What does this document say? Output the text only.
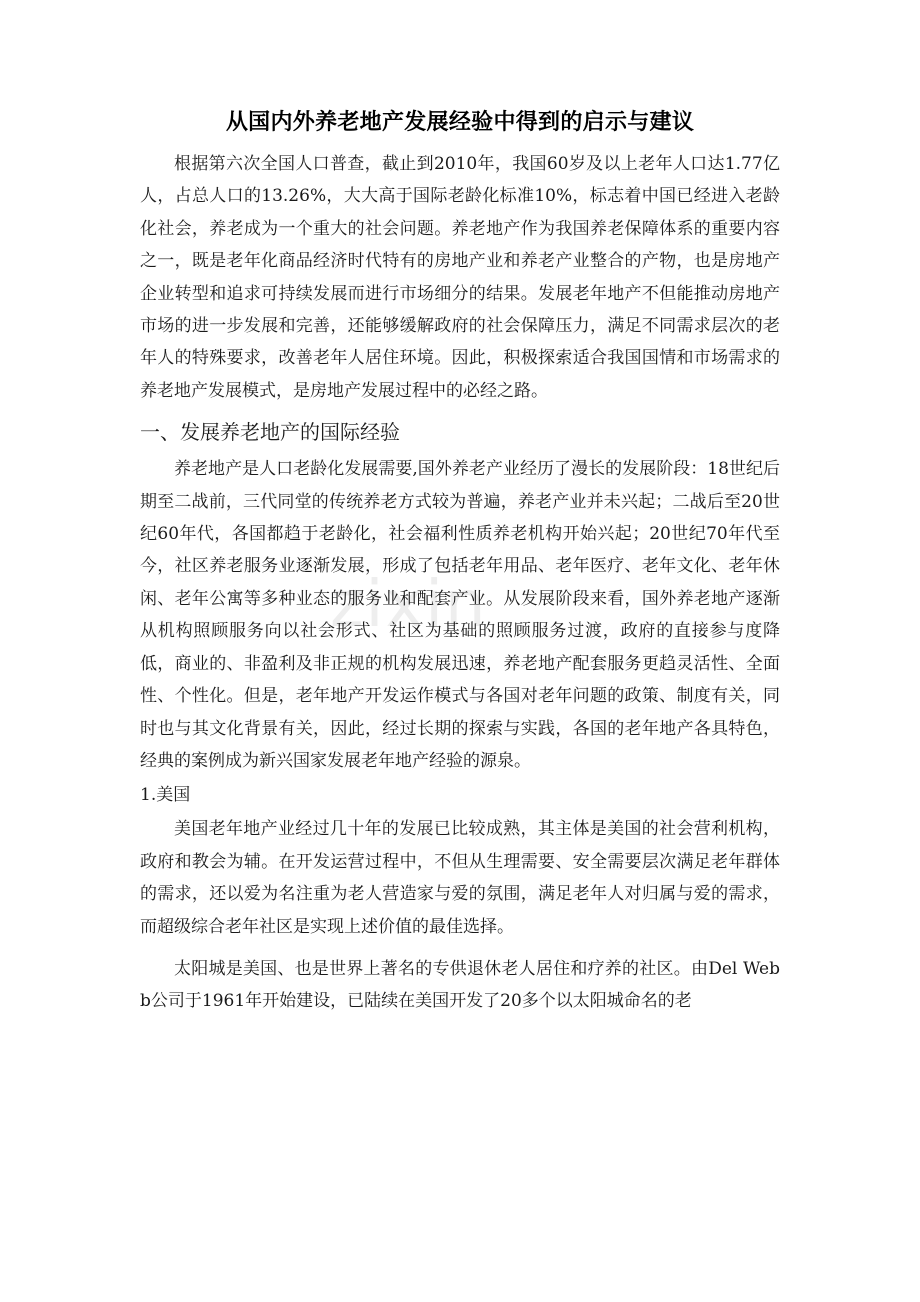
zixin
从国内外养老地产发展经验中得到的启示与建议

根据第六次全国人口普查，截止到2010年，我国60岁及以上老年人口达1.77亿人，占总人口的13.26%，大大高于国际老龄化标准10%，标志着中国已经进入老龄化社会，养老成为一个重大的社会问题。养老地产作为我国养老保障体系的重要内容之一，既是老年化商品经济时代特有的房地产业和养老产业整合的产物，也是房地产企业转型和追求可持续发展而进行市场细分的结果。发展老年地产不但能推动房地产市场的进一步发展和完善，还能够缓解政府的社会保障压力，满足不同需求层次的老年人的特殊要求，改善老年人居住环境。因此，积极探索适合我国国情和市场需求的养老地产发展模式，是房地产发展过程中的必经之路。

一、发展养老地产的国际经验

养老地产是人口老龄化发展需要,国外养老产业经历了漫长的发展阶段：18世纪后期至二战前，三代同堂的传统养老方式较为普遍，养老产业并未兴起；二战后至20世纪60年代，各国都趋于老龄化，社会福利性质养老机构开始兴起；20世纪70年代至今，社区养老服务业逐渐发展，形成了包括老年用品、老年医疗、老年文化、老年休闲、老年公寓等多种业态的服务业和配套产业。从发展阶段来看，国外养老地产逐渐从机构照顾服务向以社会形式、社区为基础的照顾服务过渡，政府的直接参与度降低，商业的、非盈利及非正规的机构发展迅速，养老地产配套服务更趋灵活性、全面性、个性化。但是，老年地产开发运作模式与各国对老年问题的政策、制度有关，同时也与其文化背景有关，因此，经过长期的探索与实践，各国的老年地产各具特色，经典的案例成为新兴国家发展老年地产经验的源泉。

1.美国

美国老年地产业经过几十年的发展已比较成熟，其主体是美国的社会营利机构，政府和教会为辅。在开发运营过程中，不但从生理需要、安全需要层次满足老年群体的需求，还以爱为名注重为老人营造家与爱的氛围，满足老年人对归属与爱的需求，而超级综合老年社区是实现上述价值的最佳选择。

太阳城是美国、也是世界上著名的专供退休老人居住和疗养的社区。由Del Webb公司于1961年开始建设，已陆续在美国开发了20多个以太阳城命名的老
